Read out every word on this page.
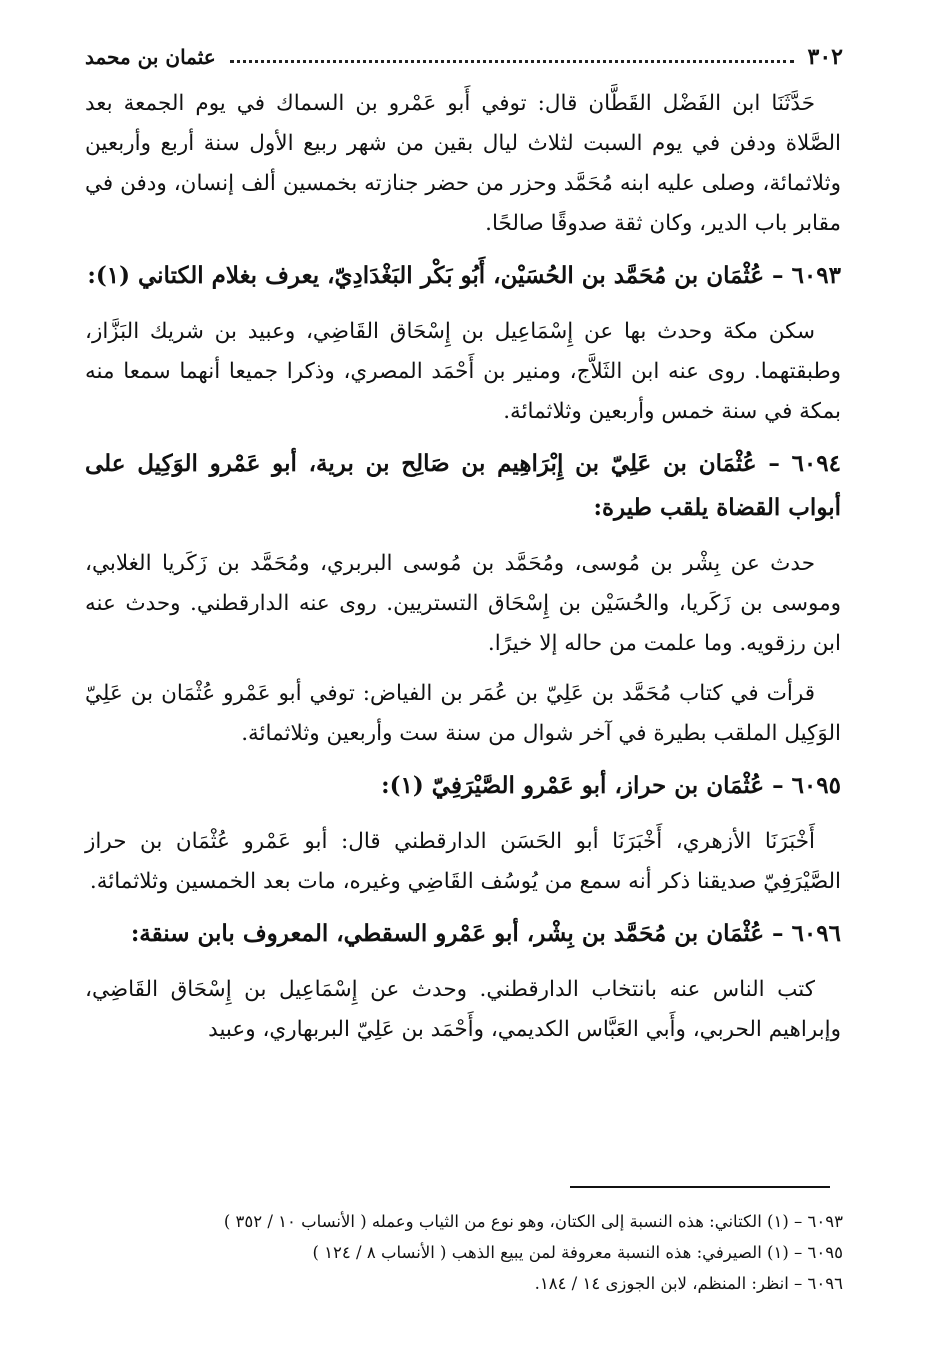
٣٠٢
عثمان بن محمد

حَدَّثَنَا ابن الفَضْل القَطَّان قال: توفي أَبو عَمْرو بن السماك في يوم الجمعة بعد الصَّلاة ودفن في يوم السبت لثلاث ليال بقين من شهر ربيع الأول سنة أربع وأربعين وثلاثمائة، وصلى عليه ابنه مُحَمَّد وحزر من حضر جنازته بخمسين ألف إنسان، ودفن في مقابر باب الدير، وكان ثقة صدوقًا صالحًا.

٦٠٩٣ – عُثْمَان بن مُحَمَّد بن الحُسَيْن، أَبُو بَكْر البَغْدَادِيّ، يعرف بغلام الكتاني (١):

سكن مكة وحدث بها عن إِسْمَاعِيل بن إِسْحَاق القَاضِي، وعبيد بن شريك البَزَّاز، وطبقتهما. روى عنه ابن الثَلاَّج، ومنير بن أَحْمَد المصري، وذكرا جميعا أنهما سمعا منه بمكة في سنة خمس وأربعين وثلاثمائة.

٦٠٩٤ – عُثْمَان بن عَلِيّ بن إِبْرَاهِيم بن صَالِح بن برية، أبو عَمْرو الوَكِيل على أبواب القضاة يلقب طيرة:

حدث عن بِشْر بن مُوسى، ومُحَمَّد بن مُوسى البربري، ومُحَمَّد بن زَكَريا الغلابي، وموسى بن زَكَريا، والحُسَيْن بن إِسْحَاق التستريين. روى عنه الدارقطني. وحدث عنه ابن رزقويه. وما علمت من حاله إلا خيرًا.

قرأت في كتاب مُحَمَّد بن عَلِيّ بن عُمَر بن الفياض: توفي أبو عَمْرو عُثْمَان بن عَلِيّ الوَكِيل الملقب بطيرة في آخر شوال من سنة ست وأربعين وثلاثمائة.

٦٠٩٥ – عُثْمَان بن حراز، أبو عَمْرو الصَّيْرَفِيّ (١):

أَخْبَرَنَا الأزهري، أَخْبَرَنَا أبو الحَسَن الدارقطني قال: أبو عَمْرو عُثْمَان بن حراز الصَّيْرَفِيّ صديقنا ذكر أنه سمع من يُوسُف القَاضِي وغيره، مات بعد الخمسين وثلاثمائة.

٦٠٩٦ – عُثْمَان بن مُحَمَّد بن بِشْر، أبو عَمْرو السقطي، المعروف بابن سنقة:

كتب الناس عنه بانتخاب الدارقطني. وحدث عن إِسْمَاعِيل بن إِسْحَاق القَاضِي، وإبراهيم الحربي، وأَبي العَبَّاس الكديمي، وأَحْمَد بن عَلِيّ البربهاري، وعبيد

٦٠٩٣ – (١) الكتاني: هذه النسبة إلى الكتان، وهو نوع من الثياب وعمله ( الأنساب ١٠ / ٣٥٢ )

٦٠٩٥ – (١) الصيرفي: هذه النسبة معروفة لمن يبيع الذهب ( الأنساب ٨ / ١٢٤ )

٦٠٩٦ – انظر: المنظم، لابن الجوزى ١٤ / ١٨٤.
